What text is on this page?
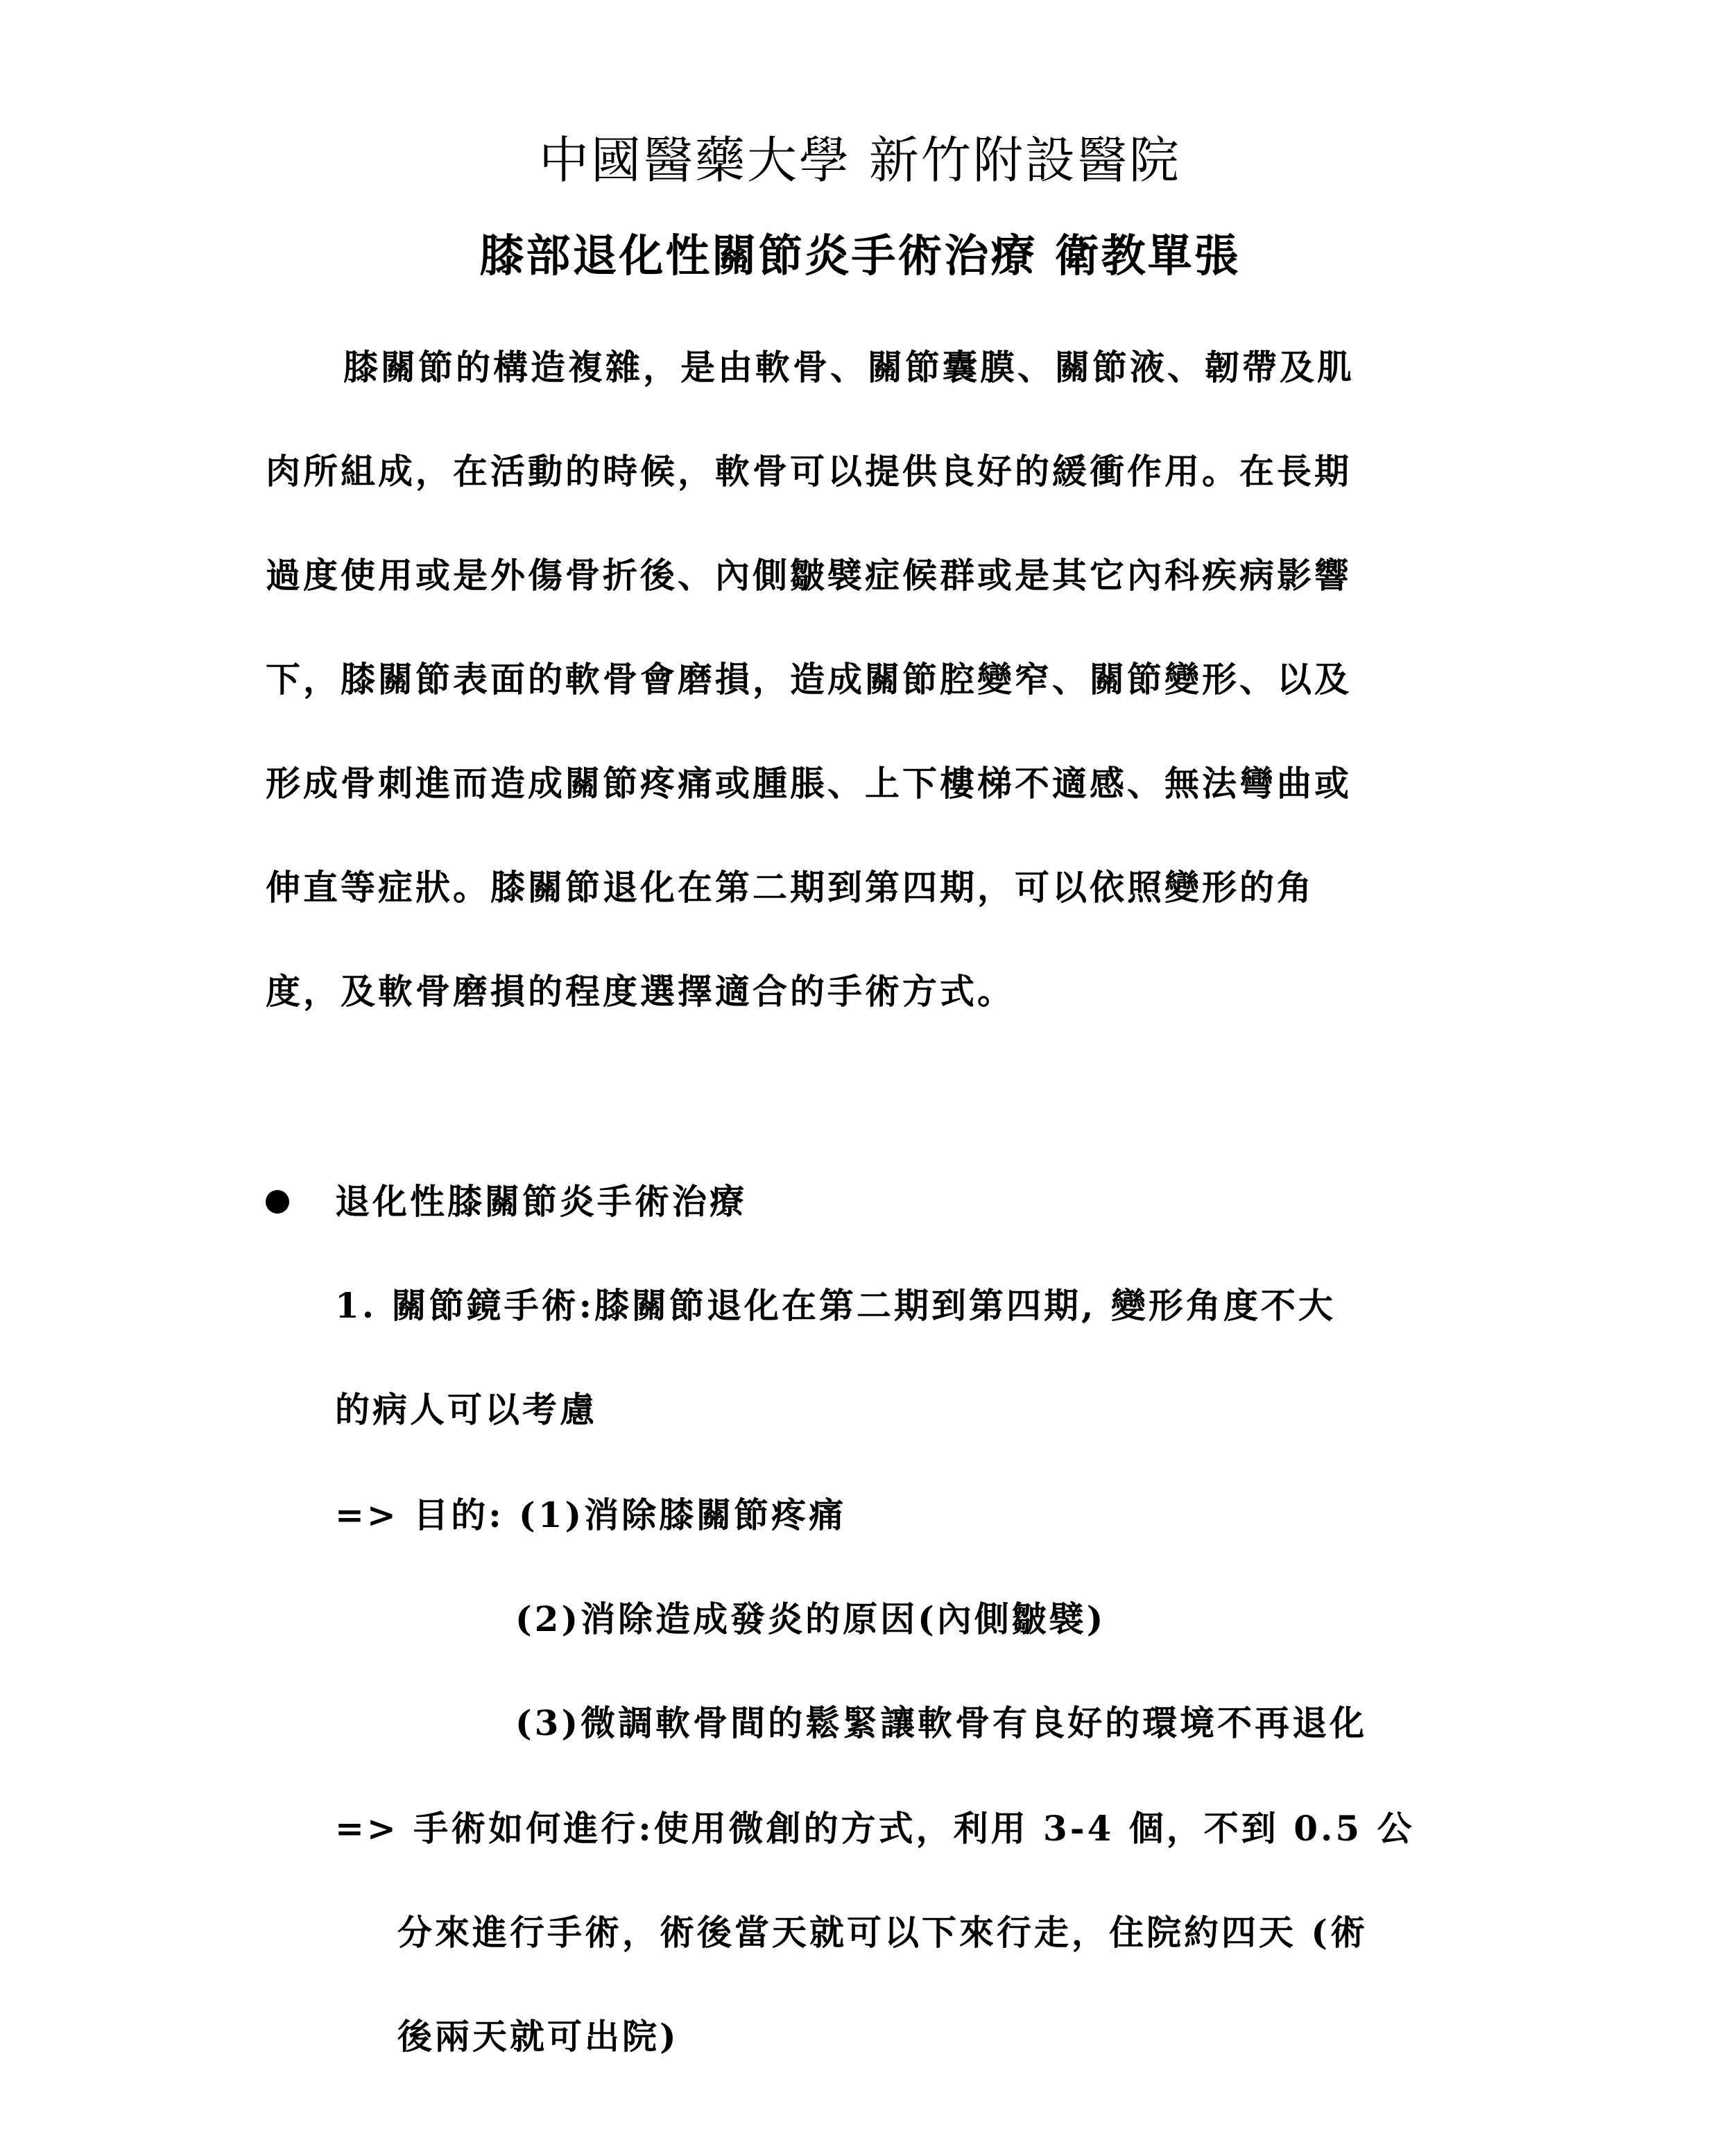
中國醫藥大學 新竹附設醫院
膝部退化性關節炎手術治療 衛教單張
膝關節的構造複雜，是由軟骨、關節囊膜、關節液、韌帶及肌
肉所組成，在活動的時候，軟骨可以提供良好的緩衝作用。在長期
過度使用或是外傷骨折後、內側皺襞症候群或是其它內科疾病影響
下，膝關節表面的軟骨會磨損，造成關節腔變窄、關節變形、以及
形成骨刺進而造成關節疼痛或腫脹、上下樓梯不適感、無法彎曲或
伸直等症狀。膝關節退化在第二期到第四期，可以依照變形的角
度，及軟骨磨損的程度選擇適合的手術方式。
退化性膝關節炎手術治療
1. 關節鏡手術:膝關節退化在第二期到第四期, 變形角度不大
的病人可以考慮
=> 目的: (1)消除膝關節疼痛
(2)消除造成發炎的原因(內側皺襞)
(3)微調軟骨間的鬆緊讓軟骨有良好的環境不再退化
=> 手術如何進行:使用微創的方式，利用 3-4 個，不到 0.5 公
分來進行手術，術後當天就可以下來行走，住院約四天 (術
後兩天就可出院)
